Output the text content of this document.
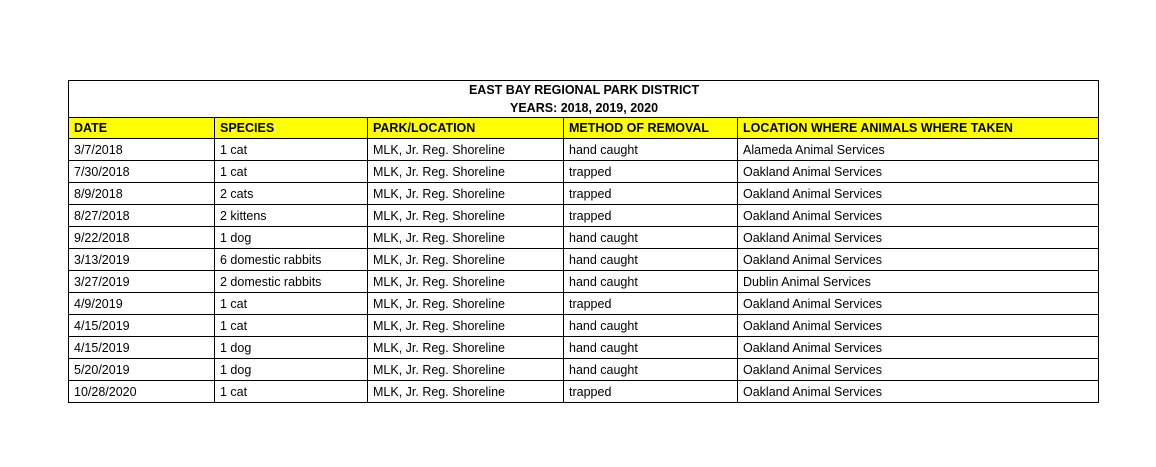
EAST BAY REGIONAL PARK DISTRICT				
YEARS: 2018, 2019, 2020				
DATE	SPECIES	PARK/LOCATION	METHOD OF REMOVAL	LOCATION WHERE ANIMALS WHERE TAKEN
3/7/2018	1 cat	MLK, Jr. Reg. Shoreline	hand caught	Alameda Animal Services
7/30/2018	1 cat	MLK, Jr. Reg. Shoreline	trapped	Oakland Animal Services
8/9/2018	2 cats	MLK, Jr. Reg. Shoreline	trapped	Oakland Animal Services
8/27/2018	2 kittens	MLK, Jr. Reg. Shoreline	trapped	Oakland Animal Services
9/22/2018	1 dog	MLK, Jr. Reg. Shoreline	hand caught	Oakland Animal Services
3/13/2019	6 domestic rabbits	MLK, Jr. Reg. Shoreline	hand caught	Oakland Animal Services
3/27/2019	2 domestic rabbits	MLK, Jr. Reg. Shoreline	hand caught	Dublin Animal Services
4/9/2019	1 cat	MLK, Jr. Reg. Shoreline	trapped	Oakland Animal Services
4/15/2019	1 cat	MLK, Jr. Reg. Shoreline	hand caught	Oakland Animal Services
4/15/2019	1 dog	MLK, Jr. Reg. Shoreline	hand caught	Oakland Animal Services
5/20/2019	1 dog	MLK, Jr. Reg. Shoreline	hand caught	Oakland Animal Services
10/28/2020	1 cat	MLK, Jr. Reg. Shoreline	trapped	Oakland Animal Services
